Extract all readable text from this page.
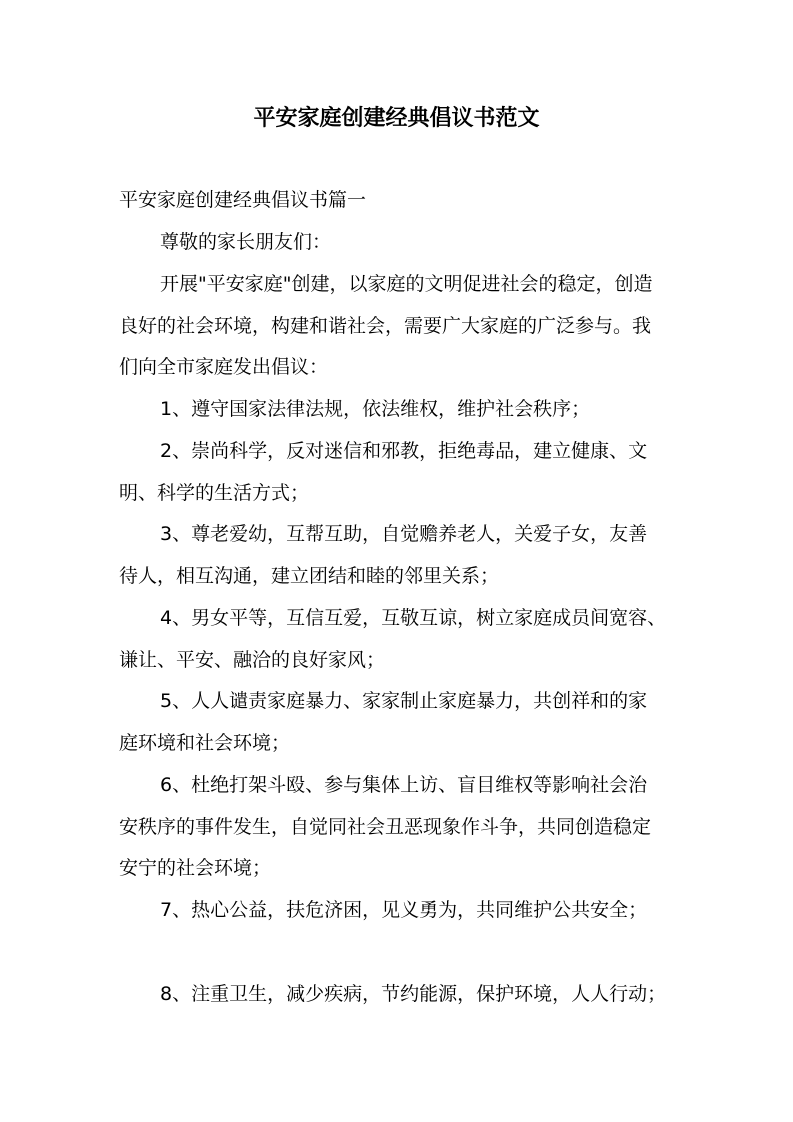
平安家庭创建经典倡议书范文

平安家庭创建经典倡议书篇一

尊敬的家长朋友们：

开展"平安家庭"创建，以家庭的文明促进社会的稳定，创造

良好的社会环境，构建和谐社会，需要广大家庭的广泛参与。我

们向全市家庭发出倡议：

1、遵守国家法律法规，依法维权，维护社会秩序；

2、崇尚科学，反对迷信和邪教，拒绝毒品，建立健康、文

明、科学的生活方式；

3、尊老爱幼，互帮互助，自觉赡养老人，关爱子女，友善

待人，相互沟通，建立团结和睦的邻里关系；

4、男女平等，互信互爱，互敬互谅，树立家庭成员间宽容、

谦让、平安、融洽的良好家风；

5、人人谴责家庭暴力、家家制止家庭暴力，共创祥和的家

庭环境和社会环境；

6、杜绝打架斗殴、参与集体上访、盲目维权等影响社会治

安秩序的事件发生，自觉同社会丑恶现象作斗争，共同创造稳定

安宁的社会环境；

7、热心公益，扶危济困，见义勇为，共同维护公共安全；

8、注重卫生，减少疾病，节约能源，保护环境，人人行动；
